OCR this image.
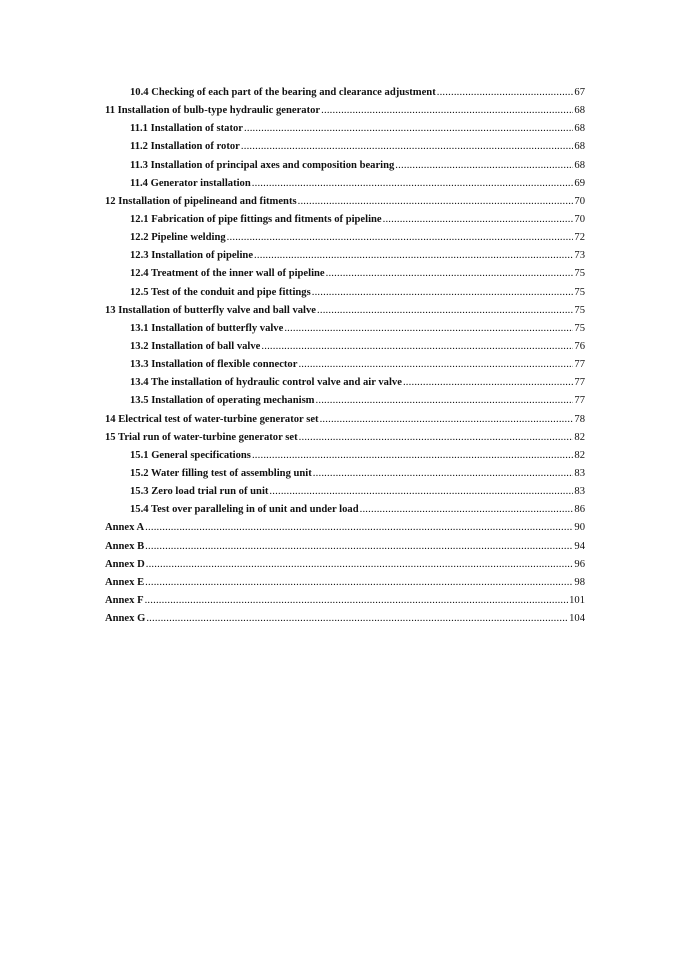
10.4 Checking of each part of the bearing and clearance adjustment .....	67
11 Installation of bulb-type hydraulic generator .....	68
11.1 Installation of stator .....	68
11.2 Installation of rotor .....	68
11.3 Installation of principal axes and composition bearing .....	68
11.4 Generator installation .....	69
12 Installation of pipelineand and fitments .....	70
12.1 Fabrication of pipe fittings and fitments of pipeline .....	70
12.2 Pipeline welding .....	72
12.3 Installation of pipeline .....	73
12.4 Treatment of the inner wall of pipeline .....	75
12.5 Test of the conduit and pipe fittings .....	75
13 Installation of butterfly valve and ball valve .....	75
13.1 Installation of butterfly valve .....	75
13.2 Installation of ball valve .....	76
13.3 Installation of flexible connector .....	77
13.4 The installation of hydraulic control valve and air valve .....	77
13.5 Installation of operating mechanism .....	77
14 Electrical test of water-turbine generator set .....	78
15 Trial run of water-turbine generator set .....	82
15.1 General specifications .....	82
15.2 Water filling test of assembling unit .....	83
15.3 Zero load trial run of unit .....	83
15.4 Test over paralleling in of unit and under load .....	86
Annex A .....	90
Annex B .....	94
Annex D .....	96
Annex E .....	98
Annex F .....	101
Annex G .....	104
